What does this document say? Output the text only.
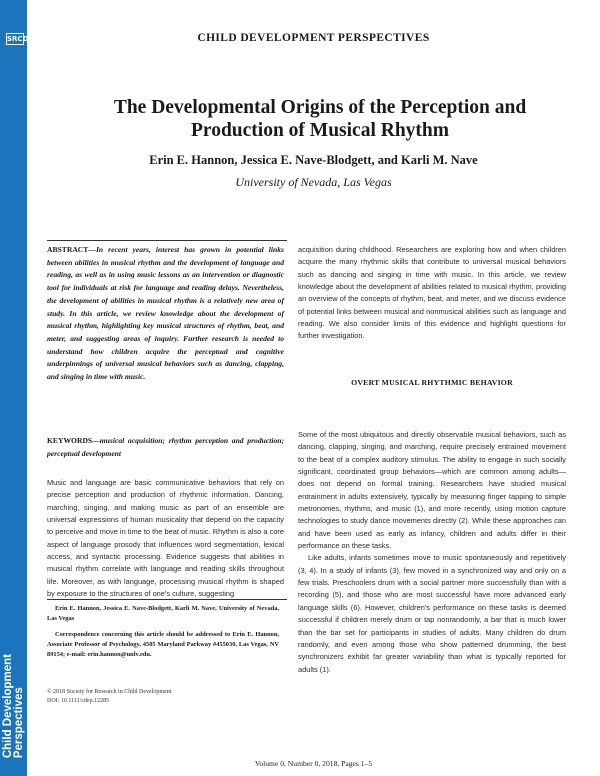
SRCD
Child Development Perspectives
CHILD DEVELOPMENT PERSPECTIVES
The Developmental Origins of the Perception and
Production of Musical Rhythm
Erin E. Hannon, Jessica E. Nave-Blodgett, and Karli M. Nave
University of Nevada, Las Vegas

ABSTRACT—In recent years, interest has grown in potential links between abilities in musical rhythm and the development of language and reading, as well as in using music lessons as an intervention or diagnostic tool for individuals at risk for language and reading delays. Nevertheless, the development of abilities in musical rhythm is a relatively new area of study. In this article, we review knowledge about the development of musical rhythm, highlighting key musical structures of rhythm, beat, and meter, and suggesting areas of inquiry. Further research is needed to understand how children acquire the perceptual and cognitive underpinnings of universal musical behaviors such as dancing, clapping, and singing in time with music.

KEYWORDS—musical acquisition; rhythm perception and production; perceptual development

Music and language are basic communicative behaviors that rely on precise perception and production of rhythmic information. Dancing, marching, singing, and making music as part of an ensemble are universal expressions of human musicality that depend on the capacity to perceive and move in time to the beat of music. Rhythm is also a core aspect of language prosody that influences word segmentation, lexical access, and syntactic processing. Evidence suggests that abilities in musical rhythm correlate with language and reading skills throughout life. Moreover, as with language, processing musical rhythm is shaped by exposure to the structures of one's culture, suggesting

Erin E. Hannon, Jessica E. Nave-Blodgett, Karli M. Nave, University of Nevada, Las Vegas

Correspondence concerning this article should be addressed to Erin E. Hannon, Associate Professor of Psychology, 4505 Maryland Parkway #455030, Las Vegas, NV 89154; e-mail: erin.hannon@unlv.edu.

© 2018 Society for Research in Child Development
DOI: 10.1111/cdep.12285

acquisition during childhood. Researchers are exploring how and when children acquire the many rhythmic skills that contribute to universal musical behaviors such as dancing and singing in time with music. In this article, we review knowledge about the development of abilities related to musical rhythm, providing an overview of the concepts of rhythm, beat, and meter, and we discuss evidence of potential links between musical and nonmusical abilities such as language and reading. We also consider limits of this evidence and highlight questions for further investigation.

OVERT MUSICAL RHYTHMIC BEHAVIOR
Some of the most ubiquitous and directly observable musical behaviors, such as dancing, clapping, singing, and marching, require precisely entrained movement to the beat of a complex auditory stimulus. The ability to engage in such socially significant, coordinated group behaviors—which are common among adults—does not depend on formal training. Researchers have studied musical entrainment in adults extensively, typically by measuring finger tapping to simple metronomes, rhythms, and music (1), and more recently, using motion capture technologies to study dance movements directly (2). While these approaches can and have been used as early as infancy, children and adults differ in their performance on these tasks.
Like adults, infants sometimes move to music spontaneously and repetitively (3, 4). In a study of infants (3), few moved in a synchronized way and only on a few trials. Preschoolers drum with a social partner more successfully than with a recording (5), and those who are most successful have more advanced early language skills (6). However, children's performance on these tasks is deemed successful if children merely drum or tap nonrandomly, a bar that is much lower than the bar set for participants in studies of adults. Many children do drum randomly, and even among those who show patterned drumming, the best synchronizers exhibit far greater variability than what is typically reported for adults (1).
Volume 0, Number 0, 2018, Pages 1–5
